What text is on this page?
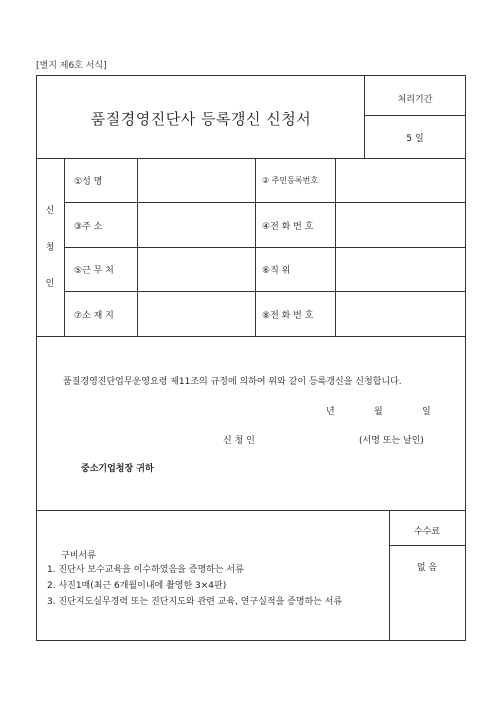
[별지 제6호 서식]
품질경영진단사 등록갱신 신청서
처리기간
5 일
신
청
인
①성 명	② 주민등록번호
③주 소	④전 화 번 호
⑤근 무 처	⑥직 위
⑦소 재 지	⑧전 화 번 호
품질경영진단업무운영요령 제11조의 규정에 의하여 위와 같이 등록갱신을 신청합니다.
년	월	일
신 청 인	(서명 또는 날인)
중소기업청장 귀하
수수료
없 음
구비서류
1. 진단사 보수교육을 이수하였음을 증명하는 서류
2. 사진1매(최근 6개월이내에 촬영한 3×4판)
3. 진단지도실무경력 또는 진단지도와 관련 교육, 연구실적을 증명하는 서류
